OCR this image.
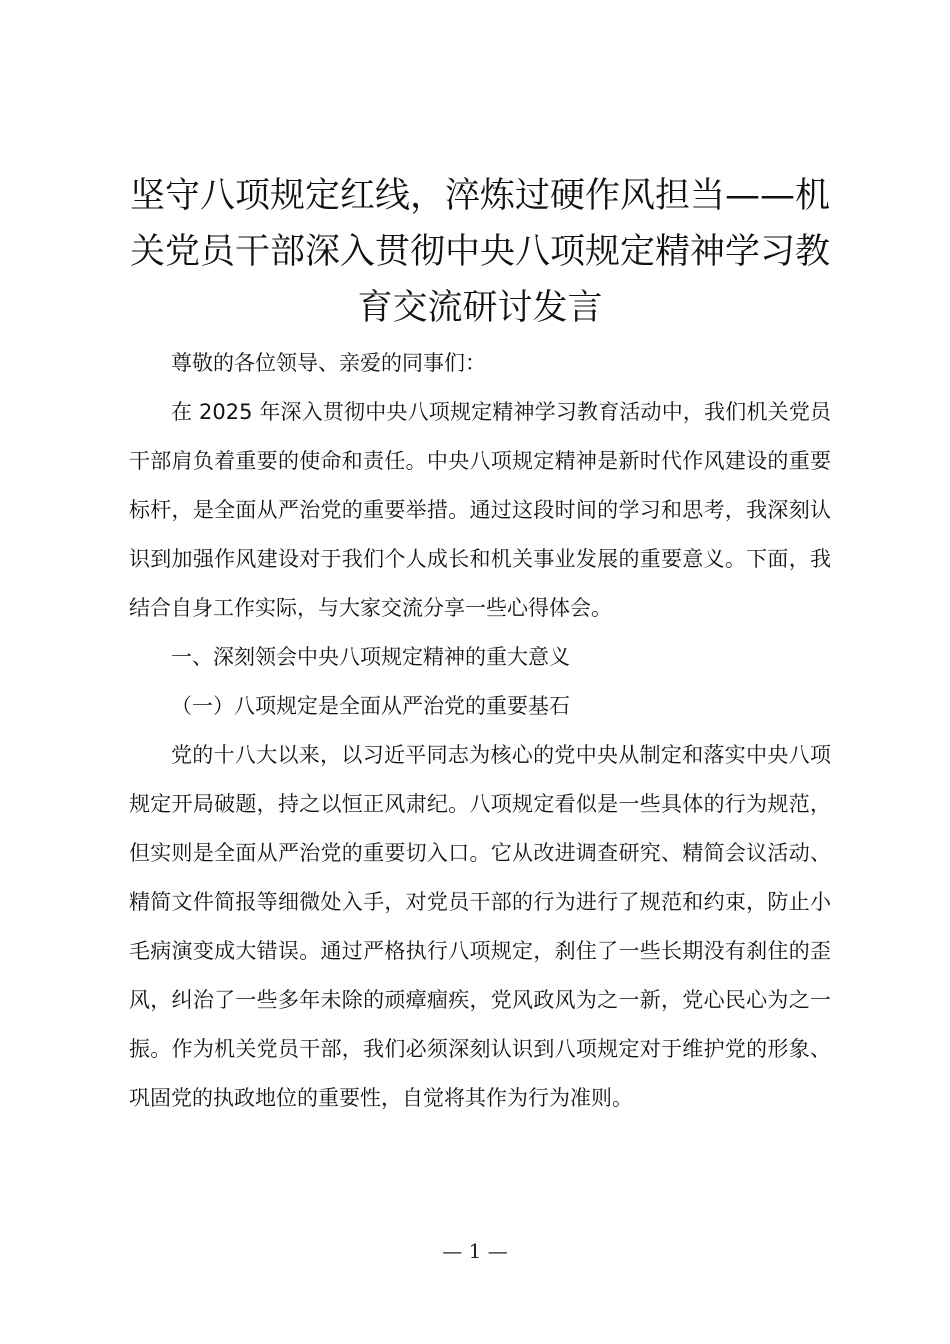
坚守八项规定红线，淬炼过硬作风担当——机
关党员干部深入贯彻中央八项规定精神学习教
育交流研讨发言

尊敬的各位领导、亲爱的同事们：

在 2025 年深入贯彻中央八项规定精神学习教育活动中，我们机关党员干部肩负着重要的使命和责任。中央八项规定精神是新时代作风建设的重要标杆，是全面从严治党的重要举措。通过这段时间的学习和思考，我深刻认识到加强作风建设对于我们个人成长和机关事业发展的重要意义。下面，我结合自身工作实际，与大家交流分享一些心得体会。

一、深刻领会中央八项规定精神的重大意义

（一）八项规定是全面从严治党的重要基石

党的十八大以来，以习近平同志为核心的党中央从制定和落实中央八项规定开局破题，持之以恒正风肃纪。八项规定看似是一些具体的行为规范，但实则是全面从严治党的重要切入口。它从改进调查研究、精简会议活动、精简文件简报等细微处入手，对党员干部的行为进行了规范和约束，防止小毛病演变成大错误。通过严格执行八项规定，刹住了一些长期没有刹住的歪风，纠治了一些多年未除的顽瘴痼疾，党风政风为之一新，党心民心为之一振。作为机关党员干部，我们必须深刻认识到八项规定对于维护党的形象、巩固党的执政地位的重要性，自觉将其作为行为准则。

— 1 —
